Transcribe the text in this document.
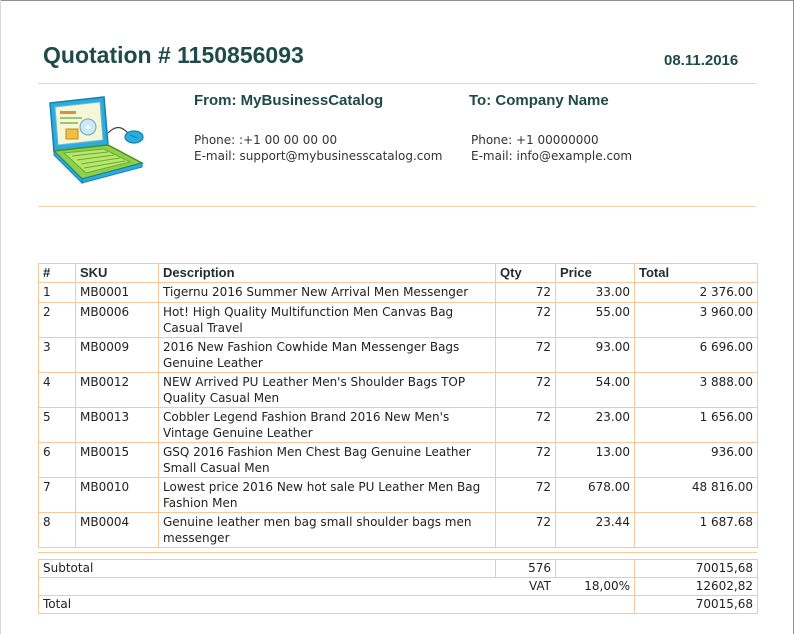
Quotation # 1150856093	08.11.2016
From: MyBusinessCatalog
Phone: :+1 00 00 00 00
E-mail: support@mybusinesscatalog.com
To: Company Name
Phone: +1 00000000
E-mail: info@example.com
#	SKU	Description	Qty	Price	Total
1	MB0001	Tigernu 2016 Summer New Arrival Men Messenger	72	33.00	2 376.00
2	MB0006	Hot! High Quality Multifunction Men Canvas Bag Casual Travel	72	55.00	3 960.00
3	MB0009	2016 New Fashion Cowhide Man Messenger Bags Genuine Leather	72	93.00	6 696.00
4	MB0012	NEW Arrived PU Leather Men's Shoulder Bags TOP Quality Casual Men	72	54.00	3 888.00
5	MB0013	Cobbler Legend Fashion Brand 2016 New Men's Vintage Genuine Leather	72	23.00	1 656.00
6	MB0015	GSQ 2016 Fashion Men Chest Bag Genuine Leather Small Casual Men	72	13.00	936.00
7	MB0010	Lowest price 2016 New hot sale PU Leather Men Bag Fashion Men	72	678.00	48 816.00
8	MB0004	Genuine leather men bag small shoulder bags men messenger	72	23.44	1 687.68
Subtotal	576		70015,68
VAT		18,00%	12602,82
Total			70015,68
